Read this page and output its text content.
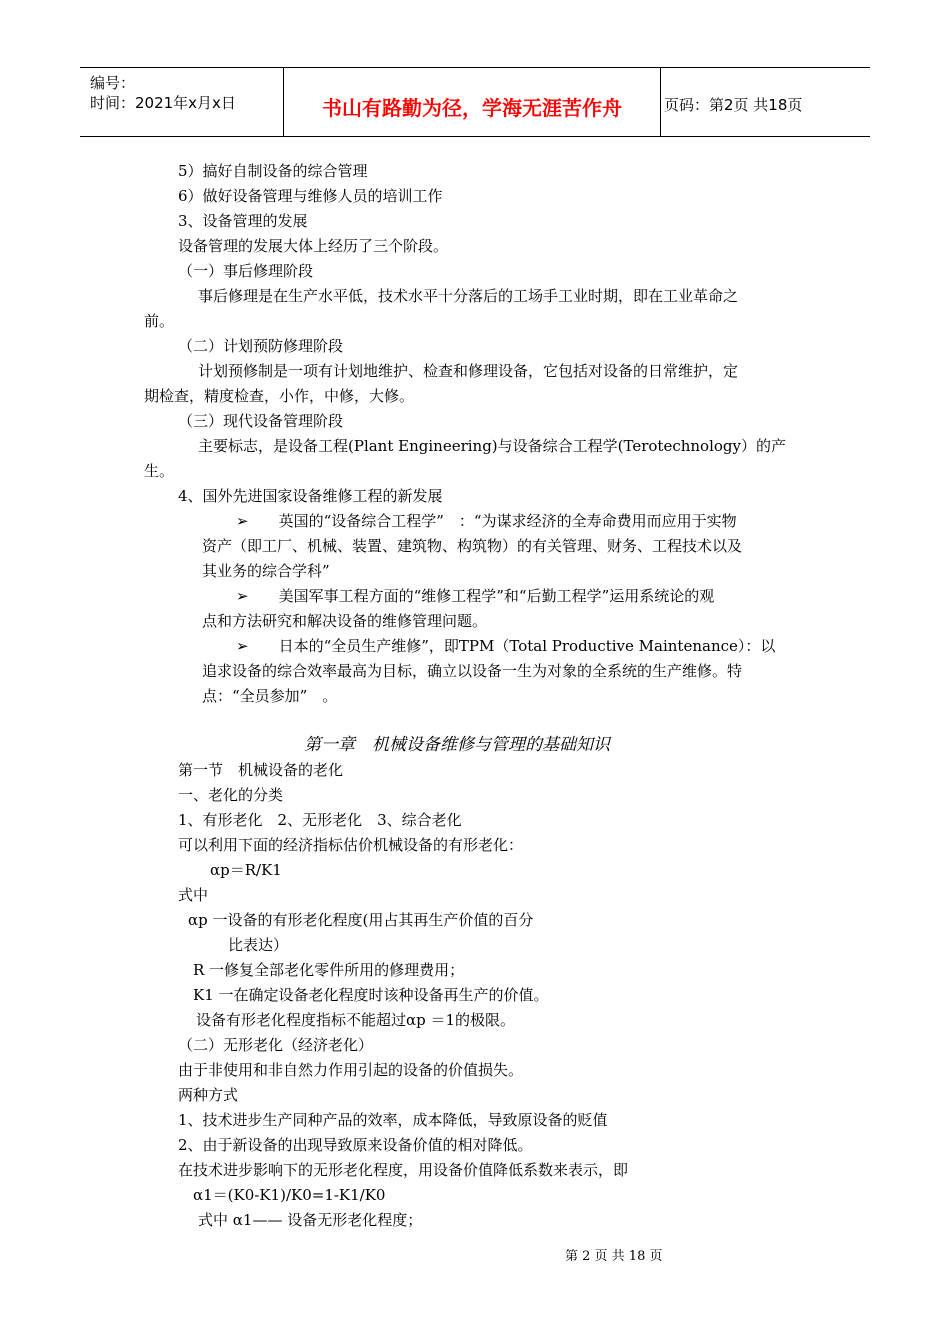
编号：
时间：2021年x月x日	书山有路勤为径，学海无涯苦作舟	页码：第2页 共18页
5）搞好自制设备的综合管理
6）做好设备管理与维修人员的培训工作
3、设备管理的发展
设备管理的发展大体上经历了三个阶段。
（一）事后修理阶段
事后修理是在生产水平低，技术水平十分落后的工场手工业时期，即在工业革命之
前。
（二）计划预防修理阶段
计划预修制是一项有计划地维护、检查和修理设备，它包括对设备的日常维护，定
期检查，精度检查，小作，中修，大修。
（三）现代设备管理阶段
主要标志，是设备工程(Plant Engineering)与设备综合工程学(Terotechnology）的产
生。
4、国外先进国家设备维修工程的新发展
➢　　英国的“设备综合工程学”　：“为谋求经济的全寿命费用而应用于实物
资产（即工厂、机械、装置、建筑物、构筑物）的有关管理、财务、工程技术以及
其业务的综合学科”
➢　　美国军事工程方面的“维修工程学”和“后勤工程学”运用系统论的观
点和方法研究和解决设备的维修管理问题。
➢　　日本的“全员生产维修”，即TPM（Total Productive Maintenance）：以
追求设备的综合效率最高为目标，确立以设备一生为对象的全系统的生产维修。特
点：“全员参加”　。
第一章　机械设备维修与管理的基础知识
第一节　机械设备的老化
一、老化的分类
1、有形老化　2、无形老化　3、综合老化
可以利用下面的经济指标估价机械设备的有形老化：
αp＝R/K1
式中
αp 一设备的有形老化程度(用占其再生产价值的百分
比表达）
R 一修复全部老化零件所用的修理费用；
K1 一在确定设备老化程度时该种设备再生产的价值。
设备有形老化程度指标不能超过αp ＝1的极限。
（二）无形老化（经济老化）
由于非使用和非自然力作用引起的设备的价值损失。
两种方式
1、技术进步生产同种产品的效率，成本降低，导致原设备的贬值
2、由于新设备的出现导致原来设备价值的相对降低。
在技术进步影响下的无形老化程度，用设备价值降低系数来表示，即
α1＝(K0-K1)/K0=1-K1/K0
式中 α1—— 设备无形老化程度；
第 2 页 共 18 页
